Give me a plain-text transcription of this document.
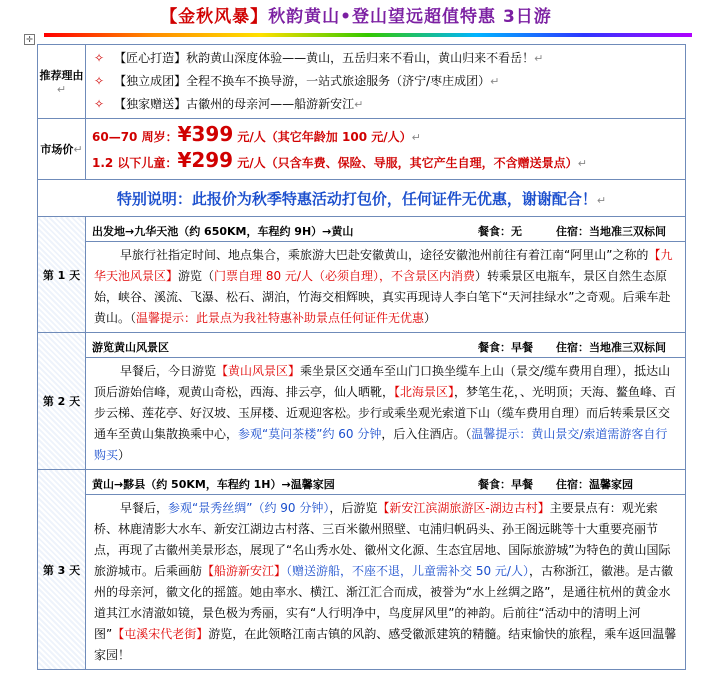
【金秋风暴】秋韵黄山•登山望远超值特惠 3日游
✛
推荐理由↵	✧ 【匠心打造】秋韵黄山深度体验——黄山，五岳归来不看山，黄山归来不看岳！↵
✧ 【独立成团】全程不换车不换导游，一站式旅途服务（济宁/枣庄成团）↵
✧ 【独家赠送】古徽州的母亲河——船游新安江↵

市场价↵	60—70 周岁：¥399 元/人（其它年龄加 100 元/人）↵
1.2 以下儿童：¥299 元/人（只含车费、保险、导服，其它产生自理，不含赠送景点）↵

特别说明：此报价为秋季特惠活动打包价，任何证件无优惠，谢谢配合！↵	
第 1 天	出发地→九华天池（约 650KM，车程约 9H）→黄山 餐食：无 住宿：当地准三双标间

	早旅行社指定时间、地点集合，乘旅游大巴赴安徽黄山，途径安徽池州前往有着江南“阿里山”之称的【九华天池风景区】游览（门票自理 80 元/人（必须自理），不含景区内消费）转乘景区电瓶车，景区自然生态原始，峡谷、溪流、飞瀑、松石、湖泊，竹海交相辉映，真实再现诗人李白笔下“天河挂绿水”之奇观。后乘车赴黄山。（温馨提示：此景点为我社特惠补助景点任何证件无优惠）
第 2 天	游览黄山风景区 餐食：早餐 住宿：当地准三双标间

	早餐后，今日游览【黄山风景区】乘坐景区交通车至山门口换坐缆车上山（景交/缆车费用自理），抵达山顶后游始信峰，观黄山奇松，西海、排云亭，仙人晒靴，【北海景区】，梦笔生花，、光明顶；天海、鳌鱼峰、百步云梯、莲花亭、好汉坡、玉屏楼、近观迎客松。步行或乘坐观光索道下山（缆车费用自理）而后转乘景区交通车至黄山集散换乘中心，参观“莫问茶楼”约 60 分钟，后入住酒店。（温馨提示：黄山景交/索道需游客自行购买）
第 3 天	黄山→黟县（约 50KM，车程约 1H）→温馨家园 餐食：早餐 住宿：温馨家园

	早餐后，参观“景秀丝绸”（约 90 分钟），后游览【新安江滨湖旅游区-湖边古村】主要景点有：观光索桥、林鹿清影大水车、新安江湖边古村落、三百米徽州照壁、屯浦归帆码头、孙王阁远眺等十大重要亮丽节点，再现了古徽州美景形态，展现了“名山秀水处、徽州文化源、生态宜居地、国际旅游城”为特色的黄山国际旅游城市。后乘画舫【船游新安江】（赠送游船，不座不退，儿童需补交 50 元/人），古称浙江，徽港。是古徽州的母亲河，徽文化的摇篮。她由率水、横江、渐江汇合而成，被誉为“水上丝绸之路”，是通往杭州的黄金水道其江水清澈如镜，景色极为秀丽，实有“人行明净中，鸟度屏风里”的神韵。后前往“活动中的清明上河图”【屯溪宋代老街】游览，在此领略江南古镇的风韵、感受徽派建筑的精髓。结束愉快的旅程，乘车返回温馨家园！
